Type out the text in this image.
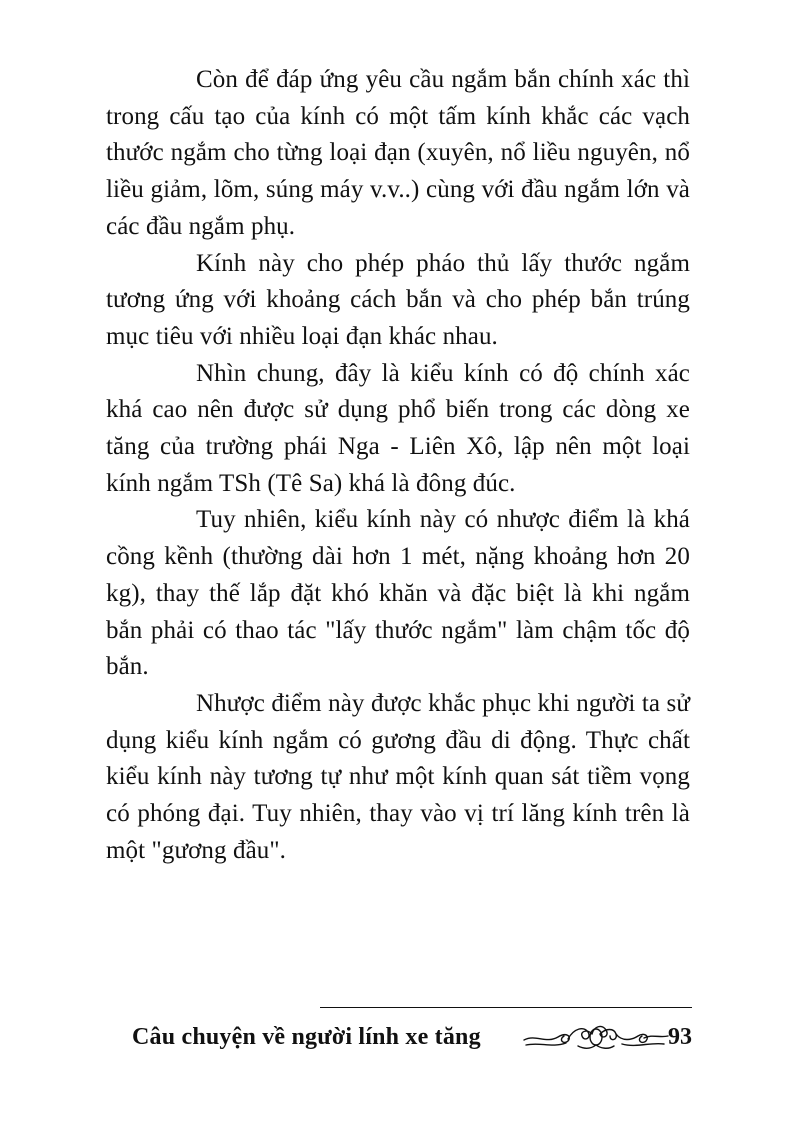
Còn để đáp ứng yêu cầu ngắm bắn chính xác thì trong cấu tạo của kính có một tấm kính khắc các vạch thước ngắm cho từng loại đạn (xuyên, nổ liều nguyên, nổ liều giảm, lõm, súng máy v.v..) cùng với đầu ngắm lớn và các đầu ngắm phụ.

Kính này cho phép pháo thủ lấy thước ngắm tương ứng với khoảng cách bắn và cho phép bắn trúng mục tiêu với nhiều loại đạn khác nhau.

Nhìn chung, đây là kiểu kính có độ chính xác khá cao nên được sử dụng phổ biến trong các dòng xe tăng của trường phái Nga - Liên Xô, lập nên một loại kính ngắm TSh (Tê Sa) khá là đông đúc.

Tuy nhiên, kiểu kính này có nhược điểm là khá cồng kềnh (thường dài hơn 1 mét, nặng khoảng hơn 20 kg), thay thế lắp đặt khó khăn và đặc biệt là khi ngắm bắn phải có thao tác "lấy thước ngắm" làm chậm tốc độ bắn.

Nhược điểm này được khắc phục khi người ta sử dụng kiểu kính ngắm có gương đầu di động. Thực chất kiểu kính này tương tự như một kính quan sát tiềm vọng có phóng đại. Tuy nhiên, thay vào vị trí lăng kính trên là một "gương đầu".

Câu chuyện về người lính xe tăng	93
